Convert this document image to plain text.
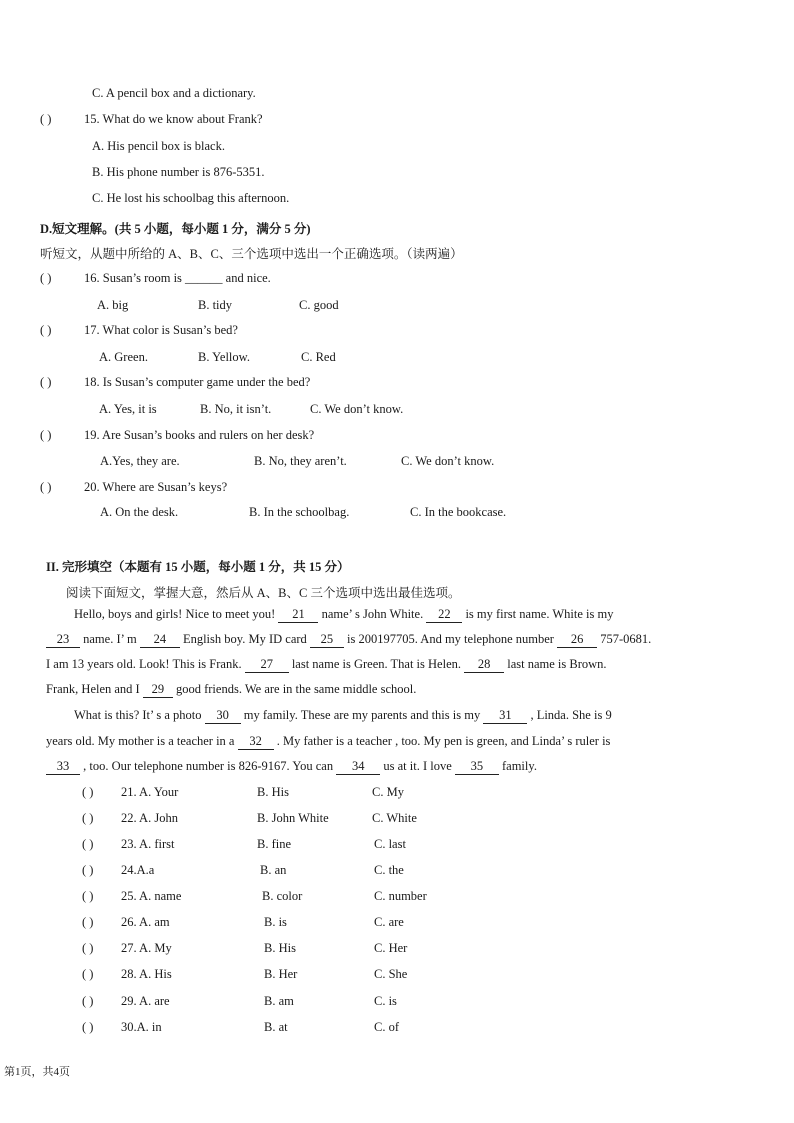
C. A pencil box and a dictionary.
( )	15. What do we know about Frank?
A. His pencil box is black.
B. His phone number is 876-5351.
C. He lost his schoolbag this afternoon.
D.短文理解。(共 5 小题，每小题 1 分，满分 5 分)
听短文，从题中所给的 A、B、C、三个选项中选出一个正确选项。（读两遍）
( )	16. Susan’s room is ______ and nice.
A. big	B. tidy	C. good
( )	17. What color is Susan’s bed?
A. Green.	B. Yellow.	C. Red
( )	18. Is Susan’s computer game under the bed?
A. Yes, it is	B. No, it isn’t.	C. We don’t know.
( )	19. Are Susan’s books and rulers on her desk?
A.Yes, they are.	B. No, they aren’t.	C. We don’t know.
( )	20. Where are Susan’s keys?
A. On the desk.	B. In the schoolbag.	C. In the bookcase.
II. 完形填空（本题有 15 小题，每小题 1 分，共 15 分）
阅读下面短文，掌握大意，然后从 A、B、C 三个选项中选出最佳选项。
Hello, boys and girls! Nice to meet you! 21 name’ s John White. 22 is my first name. White is my
23 name. I’ m 24 English boy. My ID card 25 is 200197705. And my telephone number 26 757-0681.
I am 13 years old. Look! This is Frank. 27 last name is Green. That is Helen. 28 last name is Brown.
Frank, Helen and I 29 good friends. We are in the same middle school.
What is this? It’ s a photo 30 my family. These are my parents and this is my 31 , Linda. She is 9
years old. My mother is a teacher in a 32 . My father is a teacher , too. My pen is green, and Linda’ s ruler is
33 , too. Our telephone number is 826-9167. You can 34 us at it. I love 35 family.
( ) 21. A. Your	B. His	C. My
( ) 22. A. John	B. John White	C. White
( ) 23. A. first	B. fine	C. last
( ) 24.A.a	B. an	C. the
( ) 25. A. name	B. color	C. number
( ) 26. A. am	B. is	C. are
( ) 27. A. My	B. His	C. Her
( ) 28. A. His	B. Her	C. She
( ) 29. A. are	B. am	C. is
( ) 30.A. in	B. at	C. of
第1页，共4页
